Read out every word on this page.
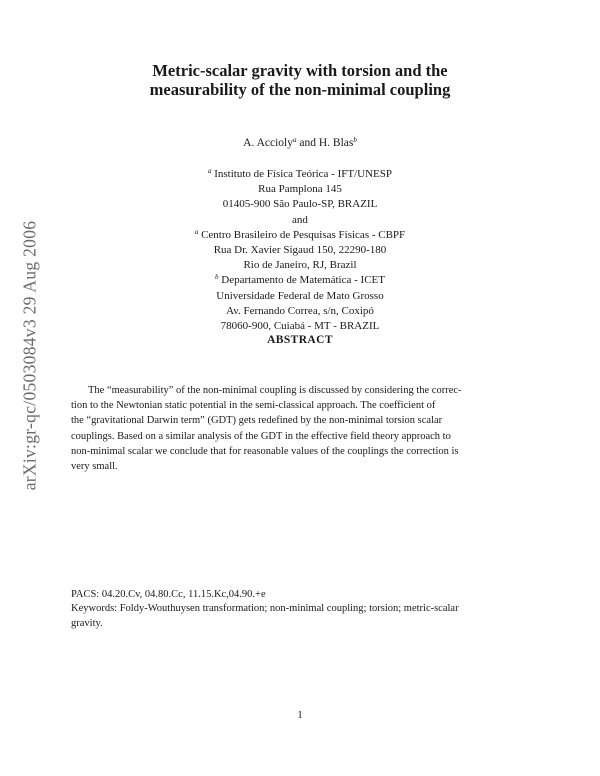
arXiv:gr-qc/0503084v3 29 Aug 2006
Metric-scalar gravity with torsion and the
measurability of the non-minimal coupling
A. Accioly$^a$ and H. Blas$^b$
$^a$ Instituto de Física Teórica - IFT/UNESP
Rua Pamplona 145
01405-900 São Paulo-SP, BRAZIL
and
$^a$ Centro Brasileiro de Pesquisas Físicas - CBPF
Rua Dr. Xavier Sigaud 150, 22290-180
Rio de Janeiro, RJ, Brazil
$^b$ Departamento de Matemática - ICET
Universidade Federal de Mato Grosso
Av. Fernando Correa, s/n, Coxipó
78060-900, Cuiabá - MT - BRAZIL
ABSTRACT
The “measurability” of the non-minimal coupling is discussed by considering the correc-
tion to the Newtonian static potential in the semi-classical approach. The coefficient of
the “gravitational Darwin term” (GDT) gets redefined by the non-minimal torsion scalar
couplings. Based on a similar analysis of the GDT in the effective field theory approach to
non-minimal scalar we conclude that for reasonable values of the couplings the correction is
very small.
PACS: 04.20.Cv, 04.80.Cc, 11.15.Kc,04.90.+e
Keywords: Foldy-Wouthuysen transformation; non-minimal coupling; torsion; metric-scalar
gravity.
1
